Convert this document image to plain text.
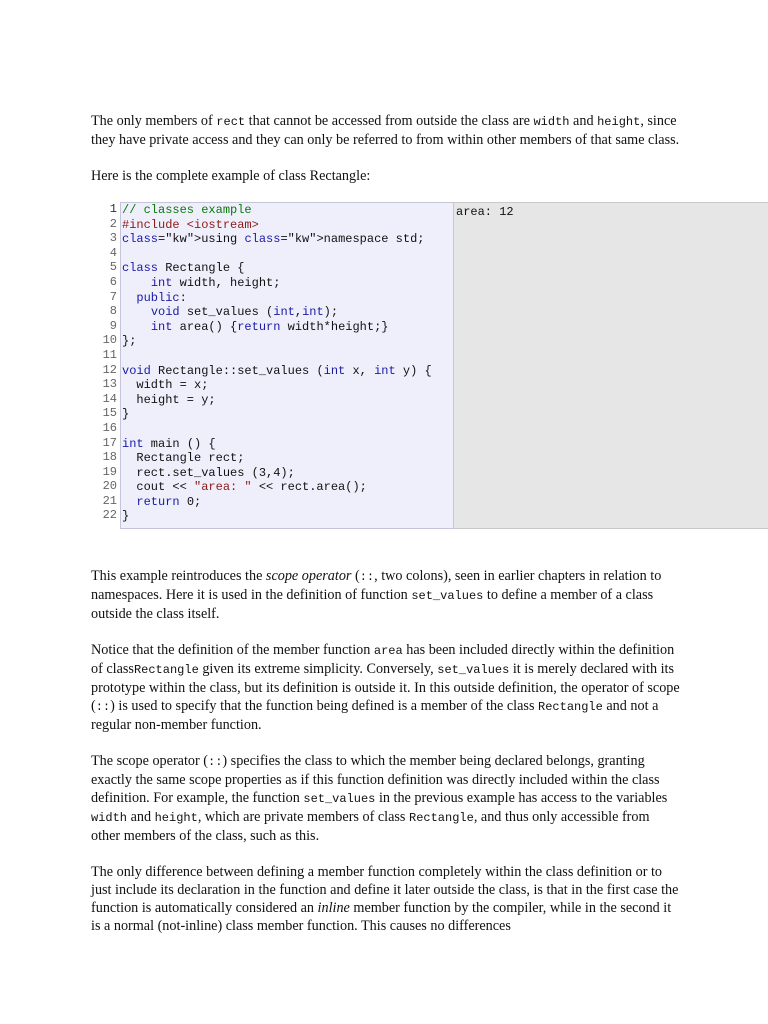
The only members of rect that cannot be accessed from outside the class are width and height, since they have private access and they can only be referred to from within other members of that same class.

Here is the complete example of class Rectangle:

1
2
3
4
5
6
7
8
9
10
11
12
13
14
15
16
17
18
19
20
21
22
// classes example
#include <iostream>
class="kw">using class="kw">namespace std;
class Rectangle {
int width, height;
public:
void set_values (int,int);
int area() {return width*height;}
};
void Rectangle::set_values (int x, int y) {
width = x;
height = y;
}
int main () {
Rectangle rect;
rect.set_values (3,4);
cout << "area: " << rect.area();
return 0;
}
area: 12

This example reintroduces the scope operator (::, two colons), seen in earlier chapters in relation to namespaces. Here it is used in the definition of function set_values to define a member of a class outside the class itself.

Notice that the definition of the member function area has been included directly within the definition of classRectangle given its extreme simplicity. Conversely, set_values it is merely declared with its prototype within the class, but its definition is outside it. In this outside definition, the operator of scope (::) is used to specify that the function being defined is a member of the class Rectangle and not a regular non-member function.

The scope operator (::) specifies the class to which the member being declared belongs, granting exactly the same scope properties as if this function definition was directly included within the class definition. For example, the function set_values in the previous example has access to the variables width and height, which are private members of class Rectangle, and thus only accessible from other members of the class, such as this.

The only difference between defining a member function completely within the class definition or to just include its declaration in the function and define it later outside the class, is that in the first case the function is automatically considered an inline member function by the compiler, while in the second it is a normal (not-inline) class member function. This causes no differences
